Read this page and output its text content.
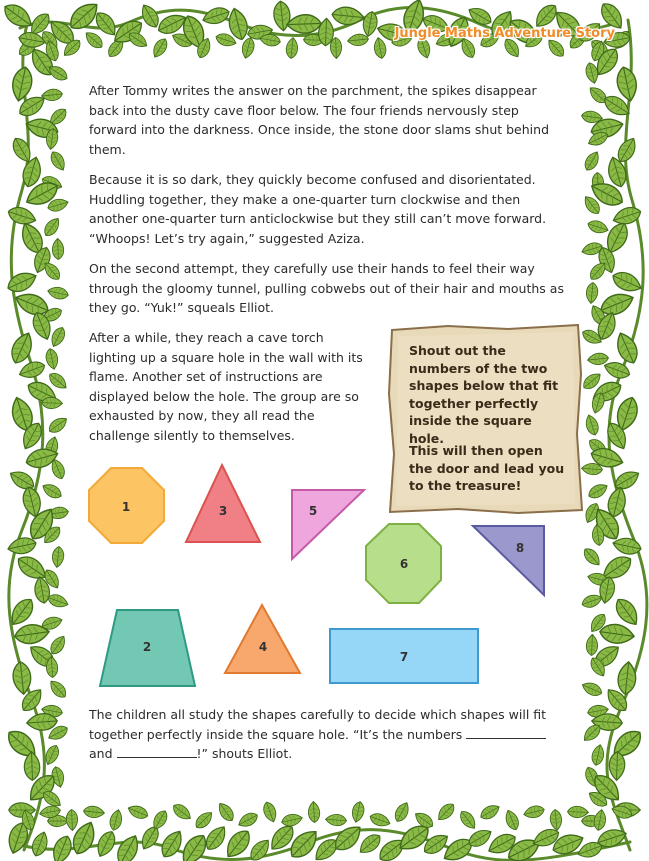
Jungle Maths Adventure Story

After Tommy writes the answer on the parchment, the spikes disappear back into the dusty cave floor below. The four friends nervously step forward into the darkness. Once inside, the stone door slams shut behind them.

Because it is so dark, they quickly become confused and disorientated. Huddling together, they make a one-quarter turn clockwise and then another one-quarter turn anticlockwise but they still can’t move forward. “Whoops! Let’s try again,” suggested Aziza.

On the second attempt, they carefully use their hands to feel their way through the gloomy tunnel, pulling cobwebs out of their hair and mouths as they go. “Yuk!” squeals Elliot.

After a while, they reach a cave torch lighting up a square hole in the wall with its flame. Another set of instructions are displayed below the hole. The group are so exhausted by now, they all read the challenge silently to themselves.

Shout out the numbers of the two shapes below that fit together perfectly inside the square hole.

This will then open the door and lead you to the treasure!

1	3	5
6
8
2	4
7

The children all study the shapes carefully to decide which shapes will fit together perfectly inside the square hole. “It’s the numbers  and	!” shouts Elliot.
